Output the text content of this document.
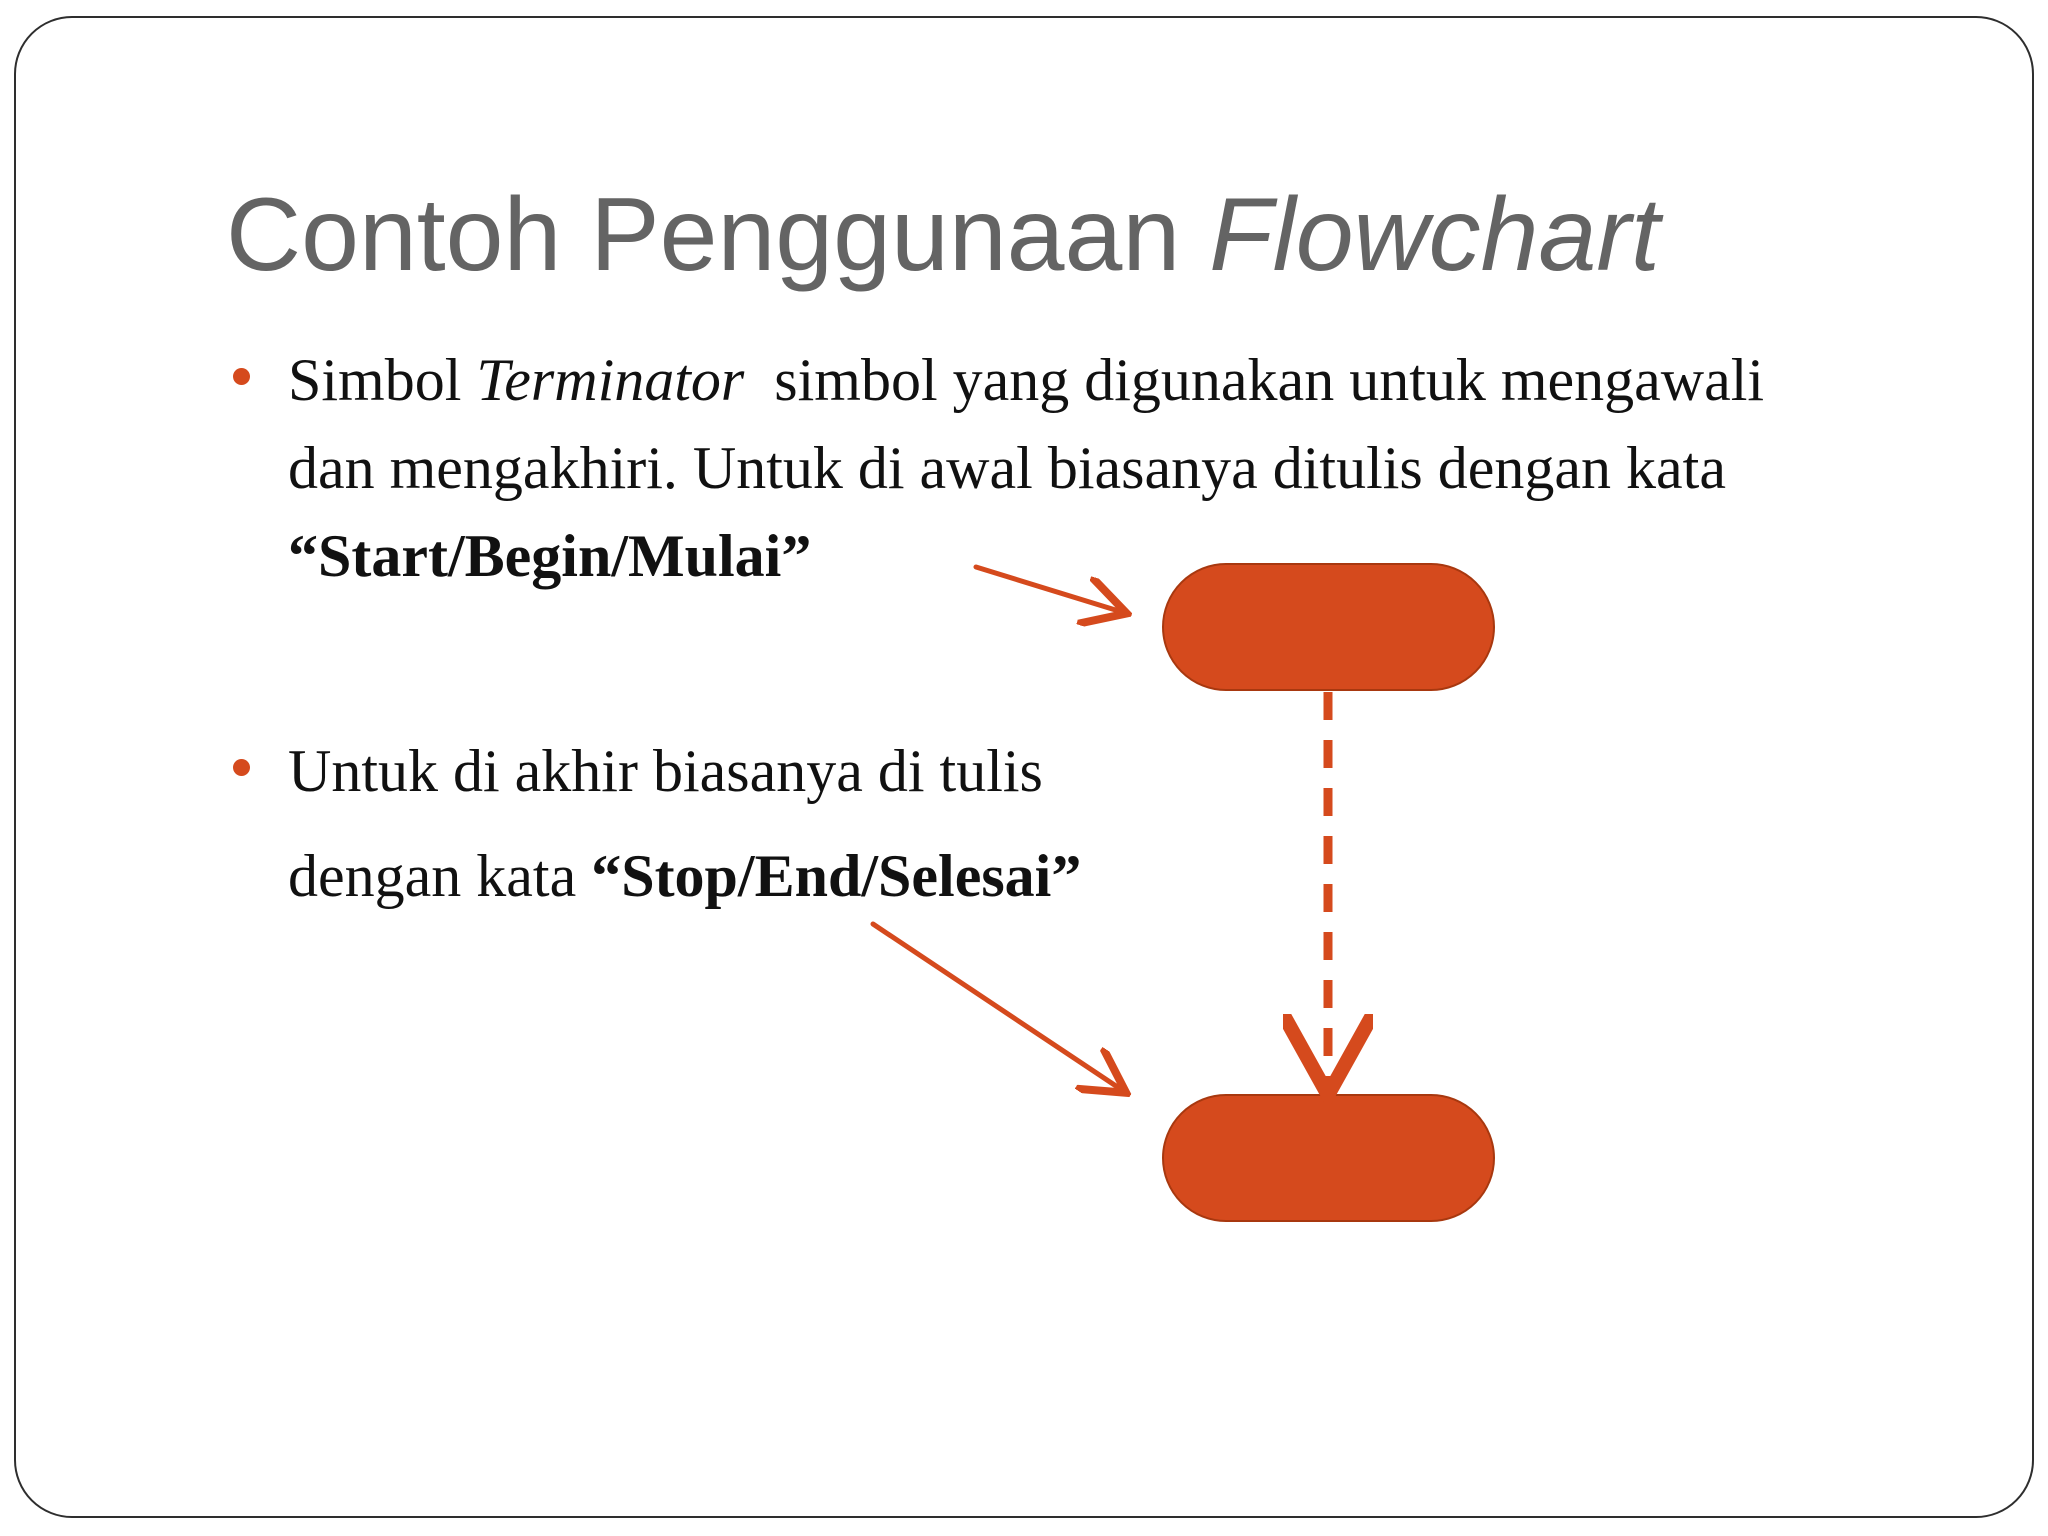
Contoh Penggunaan Flowchart

Simbol Terminator  simbol yang digunakan untuk mengawali

dan mengakhiri. Untuk di awal biasanya ditulis dengan kata

“Start/Begin/Mulai”

Untuk di akhir biasanya di tulis

dengan kata “Stop/End/Selesai”
